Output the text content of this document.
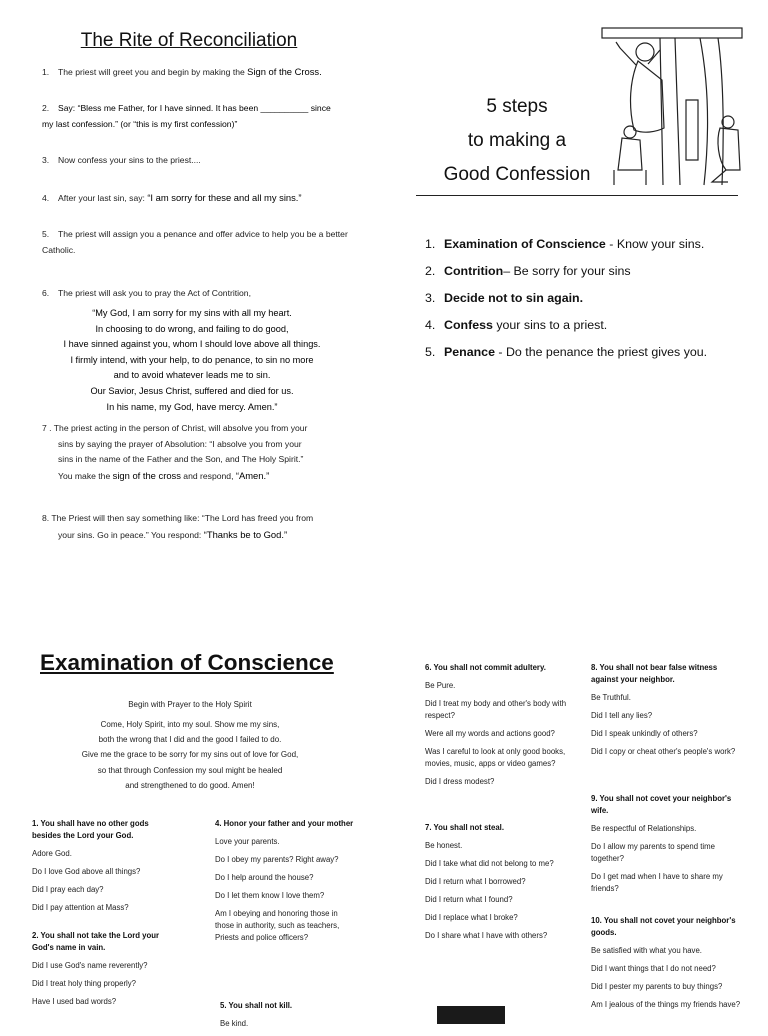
The Rite of Reconciliation
1. The priest will greet you and begin by making the Sign of the Cross.
2. Say: “Bless me Father, for I have sinned. It has been __________ since my last confession.” (or “this is my first confession)”
3. Now confess your sins to the priest....
4. After your last sin, say: “I am sorry for these and all my sins.”
5. The priest will assign you a penance and offer advice to help you be a better Catholic.
6. The priest will ask you to pray the Act of Contrition,
“My God, I am sorry for my sins with all my heart.
In choosing to do wrong, and failing to do good,
I have sinned against you, whom I should love above all things.
I firmly intend, with your help, to do penance, to sin no more
and to avoid whatever leads me to sin.
Our Savior, Jesus Christ, suffered and died for us.
In his name, my God, have mercy. Amen.”
7 . The priest acting in the person of Christ, will absolve you from your
sins by saying the prayer of Absolution: “I absolve you from your
sins in the name of the Father and the Son, and The Holy Spirit.”
You make the sign of the cross and respond, “Amen.”
8. The Priest will then say something like: “The Lord has freed you from
your sins. Go in peace.” You respond: “Thanks be to God.”
5 steps
to making a
Good Confession
1. Examination of Conscience - Know your sins.
2. Contrition– Be sorry for your sins
3. Decide not to sin again.
4. Confess your sins to a priest.
5. Penance - Do the penance the priest gives you.
Examination of Conscience
Begin with Prayer to the Holy Spirit
Come, Holy Spirit, into my soul. Show me my sins,
both the wrong that I did and the good I failed to do.
Give me the grace to be sorry for my sins out of love for God,
so that through Confession my soul might be healed
and strengthened to do good. Amen!
1. You shall have no other gods
besides the Lord your God.
Adore God.
Do I love God above all things?
Did I pray each day?
Did I pay attention at Mass?
2. You shall not take the Lord your God's name in vain.
Did I use God's name reverently?
Did I treat holy thing properly?
Have I used bad words?
4. Honor your father and your mother
Love your parents.
Do I obey my parents? Right away?
Do I help around the house?
Do I let them know I love them?
Am I obeying and honoring those in those in authority, such as teachers, Priests and police officers?
5. You shall not kill.
Be kind.
6. You shall not commit adultery.
Be Pure.
Did I treat my body and other's body with respect?
Were all my words and actions good?
Was I careful to look at only good books, movies, music, apps or video games?
Did I dress modest?
7. You shall not steal.
Be honest.
Did I take what did not belong to me?
Did I return what I borrowed?
Did I return what I found?
Did I replace what I broke?
Do I share what I have with others?
8. You shall not bear false witness against your neighbor.
Be Truthful.
Did I tell any lies?
Did I speak unkindly of others?
Did I copy or cheat other's people's work?
9. You shall not covet your neighbor's wife.
Be respectful of Relationships.
Do I allow my parents to spend time together?
Do I get mad when I have to share my friends?
10. You shall not covet your neighbor's goods.
Be satisfied with what you have.
Did I want things that I do not need?
Did I pester my parents to buy things?
Am I jealous of the things my friends have?
